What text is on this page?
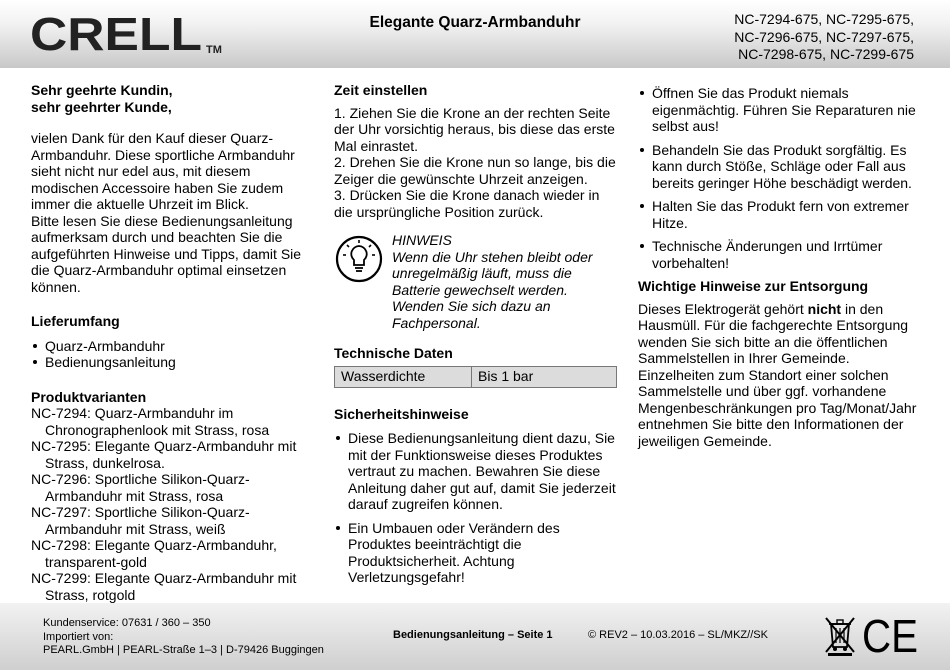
CRELL TM
Elegante Quarz-Armbanduhr	NC-7294-675, NC-7295-675,
NC-7296-675, NC-7297-675,
NC-7298-675, NC-7299-675
Sehr geehrte Kundin,
sehr geehrter Kunde,

vielen Dank für den Kauf dieser Quarz-Armbanduhr. Diese sportliche Armbanduhr sieht nicht nur edel aus, mit diesem modischen Accessoire haben Sie zudem immer die aktuelle Uhrzeit im Blick.

Bitte lesen Sie diese Bedienungsanleitung aufmerksam durch und beachten Sie die aufgeführten Hinweise und Tipps, damit Sie die Quarz-Armbanduhr optimal einsetzen können.

Lieferumfang
Quarz-Armbanduhr
Bedienungsanleitung
Produktvarianten

NC-7294: Quarz-Armbanduhr im Chronographenlook mit Strass, rosa

NC-7295: Elegante Quarz-Armbanduhr mit Strass, dunkelrosa.

NC-7296: Sportliche Silikon-Quarz-Armbanduhr mit Strass, rosa

NC-7297: Sportliche Silikon-Quarz-Armbanduhr mit Strass, weiß

NC-7298: Elegante Quarz-Armbanduhr, transparent-gold

NC-7299: Elegante Quarz-Armbanduhr mit Strass, rotgold

Zeit einstellen

1. Ziehen Sie die Krone an der rechten Seite der Uhr vorsichtig heraus, bis diese das erste Mal einrastet.

2. Drehen Sie die Krone nun so lange, bis die Zeiger die gewünschte Uhrzeit anzeigen.

3. Drücken Sie die Krone danach wieder in die ursprüngliche Position zurück.

HINWEIS
Wenn die Uhr stehen bleibt oder unregelmäßig läuft, muss die Batterie gewechselt werden. Wenden Sie sich dazu an Fachpersonal.
Technische Daten
Wasserdichte	Bis 1 bar
Sicherheitshinweise
Diese Bedienungsanleitung dient dazu, Sie mit der Funktionsweise dieses Produktes vertraut zu machen. Bewahren Sie diese Anleitung daher gut auf, damit Sie jederzeit darauf zugreifen können.
Ein Umbauen oder Verändern des Produktes beeinträchtigt die Produktsicherheit. Achtung Verletzungsgefahr!
Öffnen Sie das Produkt niemals eigenmächtig. Führen Sie Reparaturen nie selbst aus!
Behandeln Sie das Produkt sorgfältig. Es kann durch Stöße, Schläge oder Fall aus bereits geringer Höhe beschädigt werden.
Halten Sie das Produkt fern von extremer Hitze.
Technische Änderungen und Irrtümer vorbehalten!
Wichtige Hinweise zur Entsorgung

Dieses Elektrogerät gehört nicht in den Hausmüll. Für die fachgerechte Entsorgung wenden Sie sich bitte an die öffentlichen Sammelstellen in Ihrer Gemeinde. Einzelheiten zum Standort einer solchen Sammelstelle und über ggf. vorhandene Mengenbeschränkungen pro Tag/Monat/Jahr entnehmen Sie bitte den Informationen der jeweiligen Gemeinde.

Kundenservice: 07631 / 360 – 350
Importiert von:
PEARL.GmbH | PEARL-Straße 1–3 | D-79426 Buggingen
Bedienungsanleitung – Seite 1	© REV2 – 10.03.2016 – SL/MKZ//SK CE
